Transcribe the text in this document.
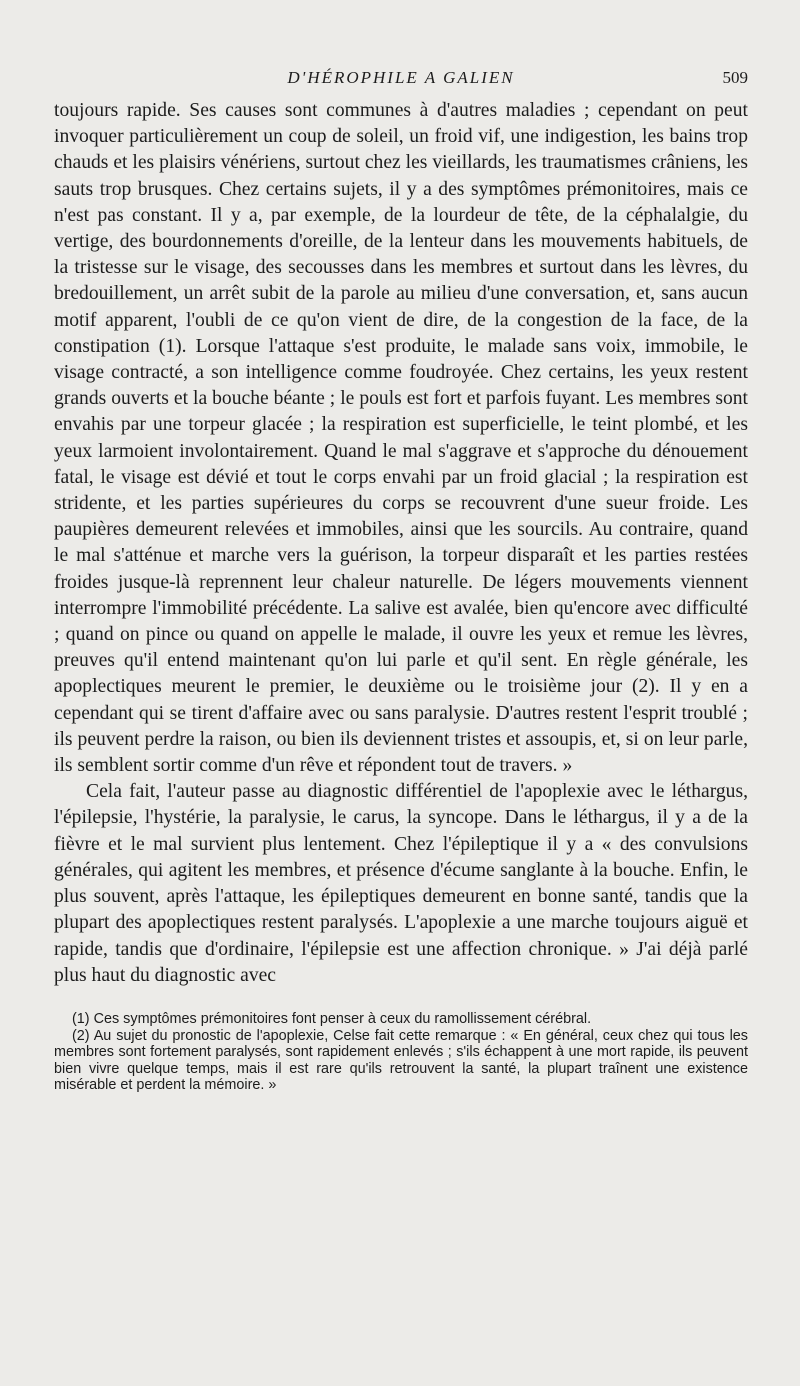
D'HÉROPHILE A GALIEN	509

toujours rapide. Ses causes sont communes à d'autres maladies ; cependant on peut invoquer particulièrement un coup de soleil, un froid vif, une indigestion, les bains trop chauds et les plaisirs vénériens, surtout chez les vieillards, les traumatismes crâniens, les sauts trop brusques. Chez certains sujets, il y a des symptômes prémonitoires, mais ce n'est pas constant. Il y a, par exemple, de la lourdeur de tête, de la céphalalgie, du vertige, des bourdonnements d'oreille, de la lenteur dans les mouvements habituels, de la tristesse sur le visage, des secousses dans les membres et surtout dans les lèvres, du bredouillement, un arrêt subit de la parole au milieu d'une conversation, et, sans aucun motif apparent, l'oubli de ce qu'on vient de dire, de la congestion de la face, de la constipation (1). Lorsque l'attaque s'est produite, le malade sans voix, immobile, le visage contracté, a son intelligence comme foudroyée. Chez certains, les yeux restent grands ouverts et la bouche béante ; le pouls est fort et parfois fuyant. Les membres sont envahis par une torpeur glacée ; la respiration est superficielle, le teint plombé, et les yeux larmoient involontairement. Quand le mal s'aggrave et s'approche du dénouement fatal, le visage est dévié et tout le corps envahi par un froid glacial ; la respiration est stridente, et les parties supérieures du corps se recouvrent d'une sueur froide. Les paupières demeurent relevées et immobiles, ainsi que les sourcils. Au contraire, quand le mal s'atténue et marche vers la guérison, la torpeur disparaît et les parties restées froides jusque-là reprennent leur chaleur naturelle. De légers mouvements viennent interrompre l'immobilité précédente. La salive est avalée, bien qu'encore avec difficulté ; quand on pince ou quand on appelle le malade, il ouvre les yeux et remue les lèvres, preuves qu'il entend maintenant qu'on lui parle et qu'il sent. En règle générale, les apoplectiques meurent le premier, le deuxième ou le troisième jour (2). Il y en a cependant qui se tirent d'affaire avec ou sans paralysie. D'autres restent l'esprit troublé ; ils peuvent perdre la raison, ou bien ils deviennent tristes et assoupis, et, si on leur parle, ils semblent sortir comme d'un rêve et répondent tout de travers. »

Cela fait, l'auteur passe au diagnostic différentiel de l'apoplexie avec le léthargus, l'épilepsie, l'hystérie, la paralysie, le carus, la syncope. Dans le léthargus, il y a de la fièvre et le mal survient plus lentement. Chez l'épileptique il y a « des convulsions générales, qui agitent les membres, et présence d'écume sanglante à la bouche. Enfin, le plus souvent, après l'attaque, les épileptiques demeurent en bonne santé, tandis que la plupart des apoplectiques restent paralysés. L'apoplexie a une marche toujours aiguë et rapide, tandis que d'ordinaire, l'épilepsie est une affection chronique. » J'ai déjà parlé plus haut du diagnostic avec

(1) Ces symptômes prémonitoires font penser à ceux du ramollissement cérébral.

(2) Au sujet du pronostic de l'apoplexie, Celse fait cette remarque : « En général, ceux chez qui tous les membres sont fortement paralysés, sont rapidement enlevés ; s'ils échappent à une mort rapide, ils peuvent bien vivre quelque temps, mais il est rare qu'ils retrouvent la santé, la plupart traînent une existence misérable et perdent la mémoire. »
